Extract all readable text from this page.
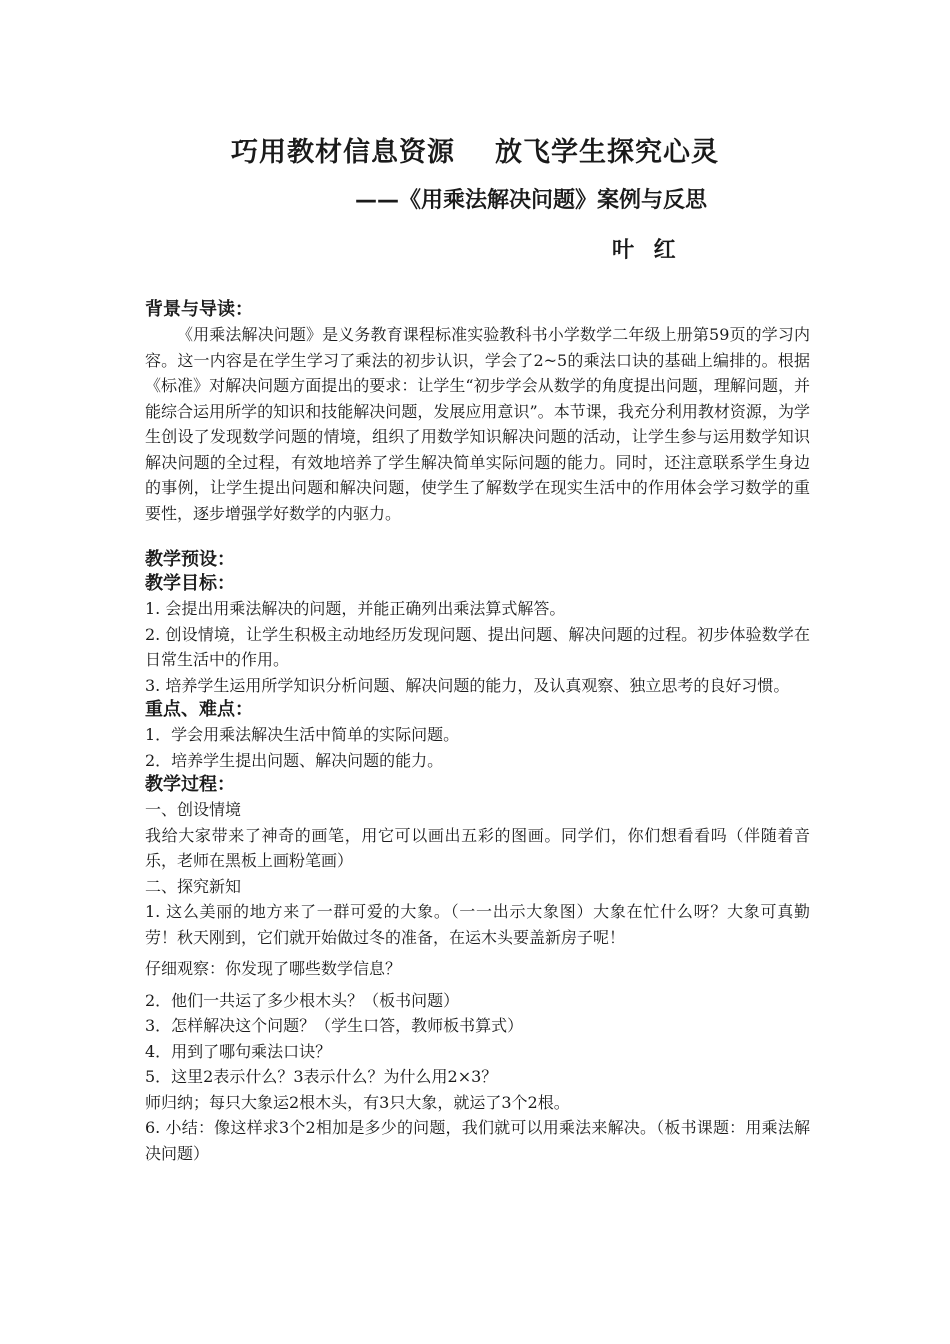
巧用教材信息资源 放飞学生探究心灵
——《用乘法解决问题》案例与反思
叶 红

背景与导读：

《用乘法解决问题》是义务教育课程标准实验教科书小学数学二年级上册第59页的学习内容。这一内容是在学生学习了乘法的初步认识，学会了2~5的乘法口诀的基础上编排的。根据《标准》对解决问题方面提出的要求：让学生“初步学会从数学的角度提出问题，理解问题，并能综合运用所学的知识和技能解决问题，发展应用意识”。本节课，我充分利用教材资源，为学生创设了发现数学问题的情境，组织了用数学知识解决问题的活动，让学生参与运用数学知识解决问题的全过程，有效地培养了学生解决简单实际问题的能力。同时，还注意联系学生身边的事例，让学生提出问题和解决问题，使学生了解数学在现实生活中的作用体会学习数学的重要性，逐步增强学好数学的内驱力。

教学预设：

教学目标：

1. 会提出用乘法解决的问题，并能正确列出乘法算式解答。

2. 创设情境，让学生积极主动地经历发现问题、提出问题、解决问题的过程。初步体验数学在日常生活中的作用。

3. 培养学生运用所学知识分析问题、解决问题的能力，及认真观察、独立思考的良好习惯。

重点、难点：

1．学会用乘法解决生活中简单的实际问题。

2．培养学生提出问题、解决问题的能力。

教学过程：

一、创设情境

我给大家带来了神奇的画笔，用它可以画出五彩的图画。同学们，你们想看看吗（伴随着音乐，老师在黑板上画粉笔画）

二、探究新知

1. 这么美丽的地方来了一群可爱的大象。（一一出示大象图）大象在忙什么呀？大象可真勤劳！秋天刚到，它们就开始做过冬的准备，在运木头要盖新房子呢！

仔细观察：你发现了哪些数学信息？

2．他们一共运了多少根木头？（板书问题）

3．怎样解决这个问题？（学生口答，教师板书算式）

4．用到了哪句乘法口诀？

5．这里2表示什么？3表示什么？为什么用2×3？

师归纳；每只大象运2根木头，有3只大象，就运了3个2根。

6. 小结：像这样求3个2相加是多少的问题，我们就可以用乘法来解决。（板书课题：用乘法解决问题）
